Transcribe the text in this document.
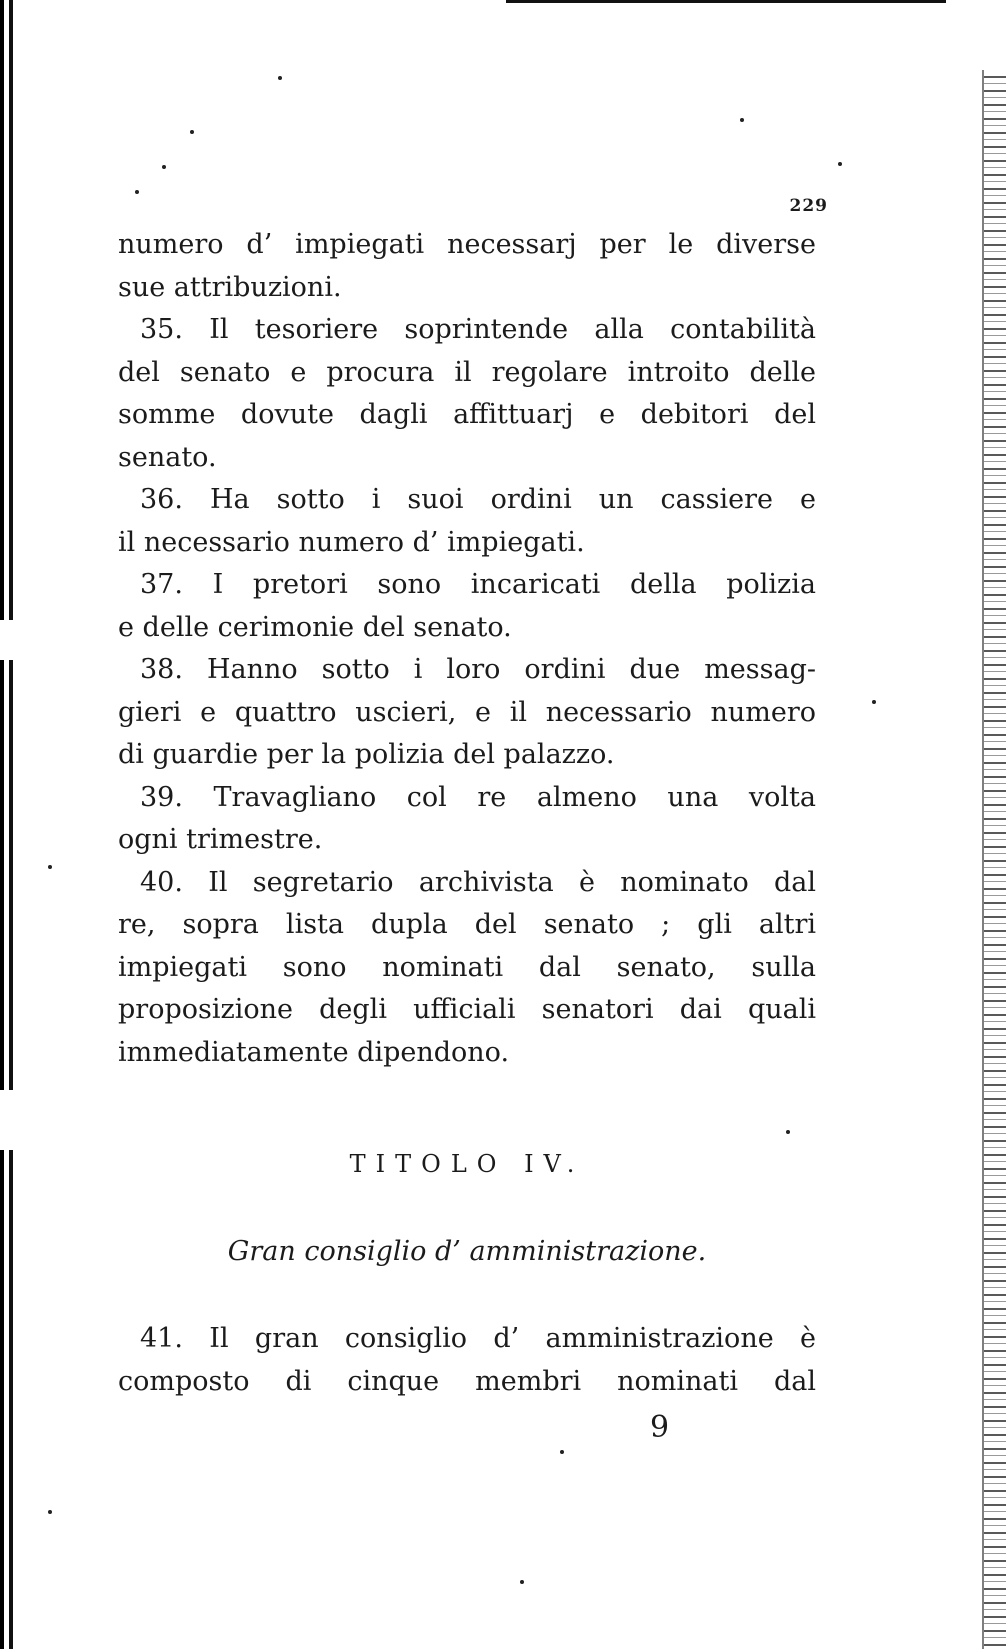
229
numero d’ impiegati necessarj per le diverse
sue attribuzioni.
35. Il tesoriere soprintende alla contabilità
del senato e procura il regolare introito delle
somme dovute dagli affittuarj e debitori del
senato.
36. Ha sotto i suoi ordini un cassiere e
il necessario numero d’ impiegati.
37. I pretori sono incaricati della polizia
e delle cerimonie del senato.
38. Hanno sotto i loro ordini due messag-
gieri e quattro uscieri, e il necessario numero
di guardie per la polizia del palazzo.
39. Travagliano col re almeno una volta
ogni trimestre.
40. Il segretario archivista è nominato dal
re, sopra lista dupla del senato ; gli altri
impiegati sono nominati dal senato, sulla
proposizione degli ufficiali senatori dai quali
immediatamente dipendono.
TITOLO IV.
Gran consiglio d’ amministrazione.
41. Il gran consiglio d’ amministrazione è
composto di cinque membri nominati dal
9
